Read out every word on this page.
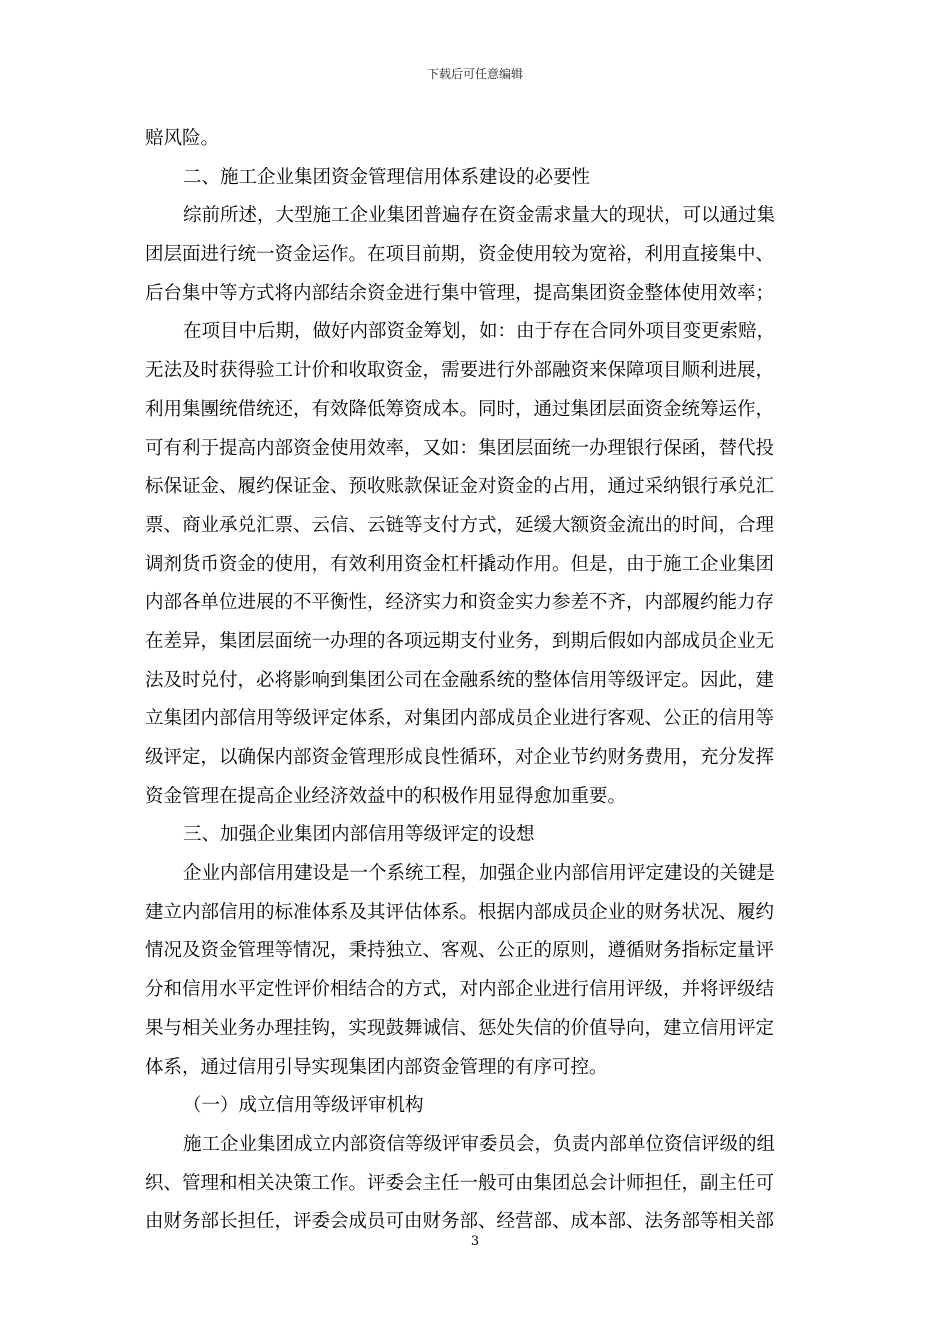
下载后可任意编辑
赔风险。
二、施工企业集团资金管理信用体系建设的必要性
综前所述，大型施工企业集团普遍存在资金需求量大的现状，可以通过集
团层面进行统一资金运作。在项目前期，资金使用较为宽裕，利用直接集中、
后台集中等方式将内部结余资金进行集中管理，提高集团资金整体使用效率；
在项目中后期，做好内部资金筹划，如：由于存在合同外项目变更索赔，
无法及时获得验工计价和收取资金，需要进行外部融资来保障项目顺利进展，
利用集團统借统还，有效降低筹资成本。同时，通过集团层面资金统筹运作，
可有利于提高内部资金使用效率，又如：集团层面统一办理银行保函，替代投
标保证金、履约保证金、预收账款保证金对资金的占用，通过采纳银行承兑汇
票、商业承兑汇票、云信、云链等支付方式，延缓大额资金流出的时间，合理
调剂货币资金的使用，有效利用资金杠杆撬动作用。但是，由于施工企业集团
内部各单位进展的不平衡性，经济实力和资金实力参差不齐，内部履约能力存
在差异，集团层面统一办理的各项远期支付业务，到期后假如内部成员企业无
法及时兑付，必将影响到集团公司在金融系统的整体信用等级评定。因此，建
立集团内部信用等级评定体系，对集团内部成员企业进行客观、公正的信用等
级评定，以确保内部资金管理形成良性循环，对企业节约财务费用，充分发挥
资金管理在提高企业经济效益中的积极作用显得愈加重要。
三、加强企业集团内部信用等级评定的设想
企业内部信用建设是一个系统工程，加强企业内部信用评定建设的关键是
建立内部信用的标准体系及其评估体系。根据内部成员企业的财务状况、履约
情况及资金管理等情况，秉持独立、客观、公正的原则，遵循财务指标定量评
分和信用水平定性评价相结合的方式，对内部企业进行信用评级，并将评级结
果与相关业务办理挂钩，实现鼓舞诚信、惩处失信的价值导向，建立信用评定
体系，通过信用引导实现集团内部资金管理的有序可控。
（一）成立信用等级评审机构
施工企业集团成立内部资信等级评审委员会，负责内部单位资信评级的组
织、管理和相关决策工作。评委会主任一般可由集团总会计师担任，副主任可
由财务部长担任，评委会成员可由财务部、经营部、成本部、法务部等相关部
3
